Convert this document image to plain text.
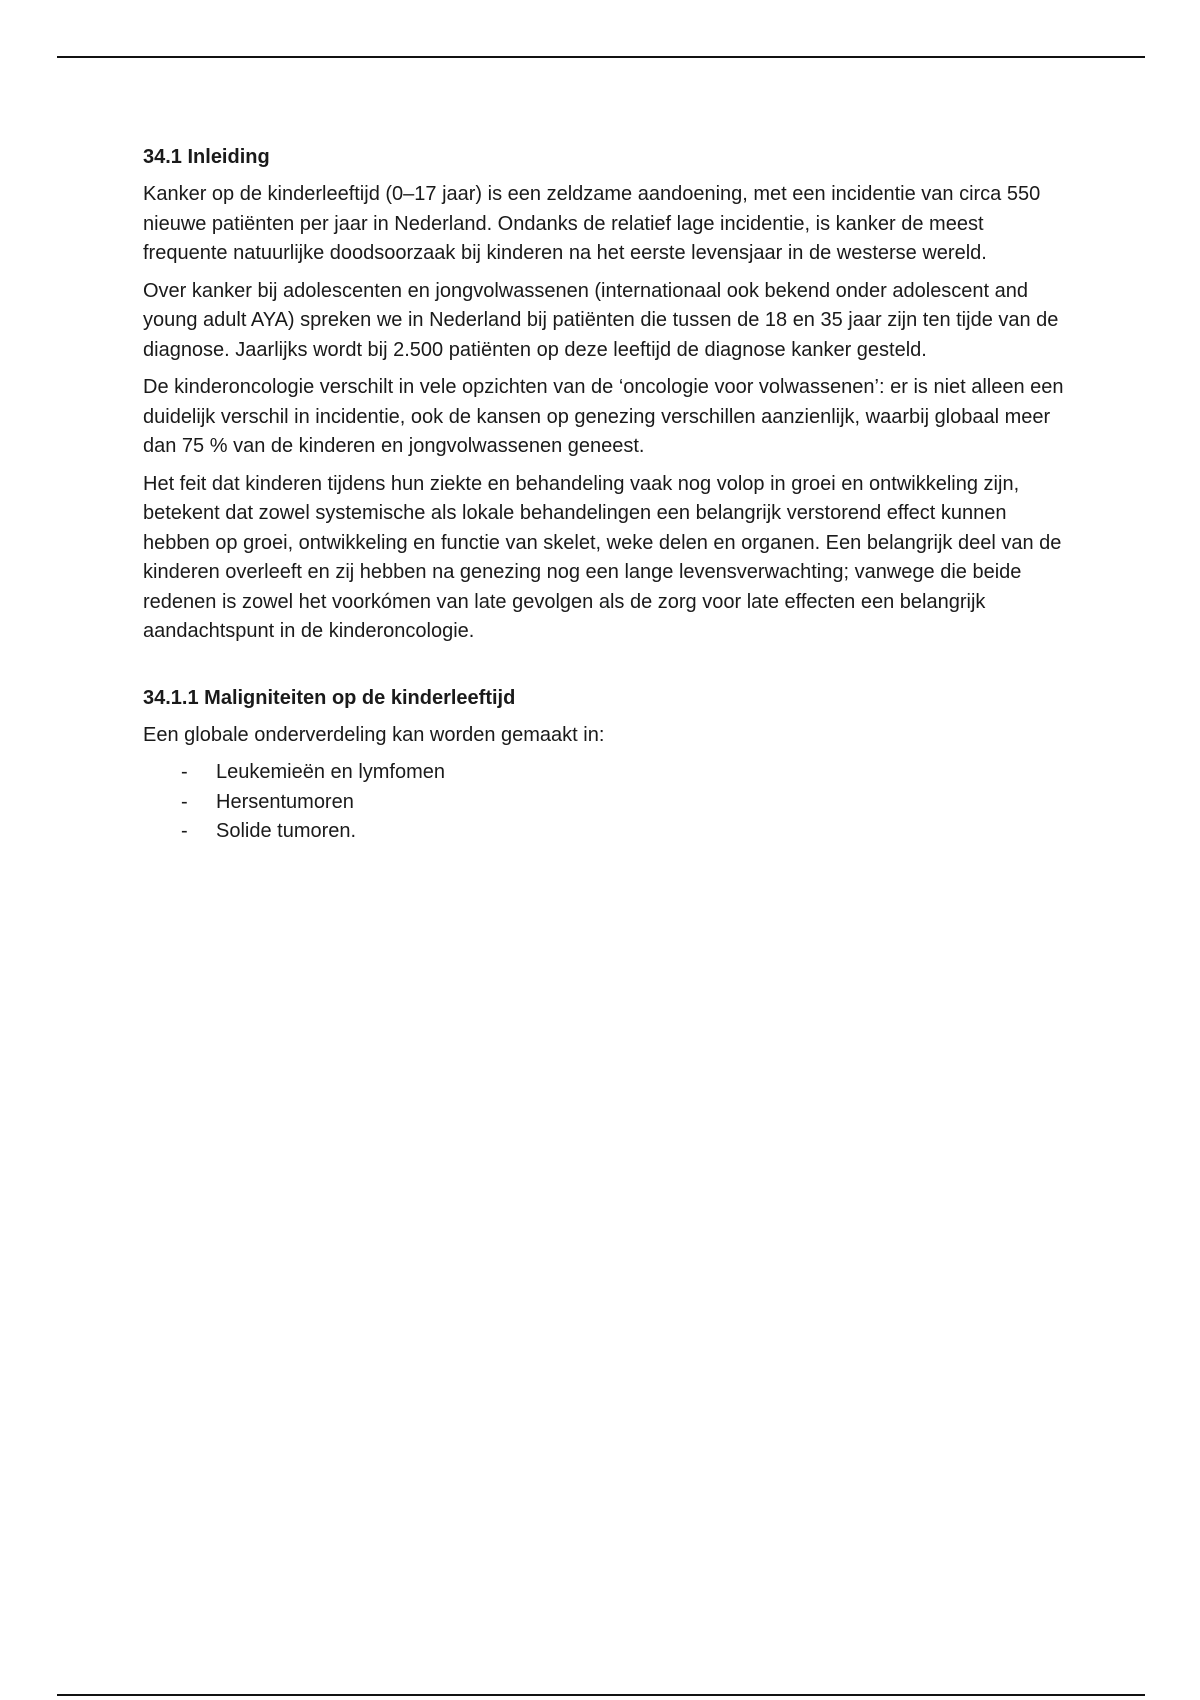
34.1 Inleiding

Kanker op de kinderleeftijd (0–17 jaar) is een zeldzame aandoening, met een incidentie van circa 550 nieuwe patiënten per jaar in Nederland. Ondanks de relatief lage incidentie, is kanker de meest frequente natuurlijke doodsoorzaak bij kinderen na het eerste levensjaar in de westerse wereld.

Over kanker bij adolescenten en jongvolwassenen (internationaal ook bekend onder adolescent and young adult AYA) spreken we in Nederland bij patiënten die tussen de 18 en 35 jaar zijn ten tijde van de diagnose. Jaarlijks wordt bij 2.500 patiënten op deze leeftijd de diagnose kanker gesteld.

De kinderoncologie verschilt in vele opzichten van de ‘oncologie voor volwassenen’: er is niet alleen een duidelijk verschil in incidentie, ook de kansen op genezing verschillen aanzienlijk, waarbij globaal meer dan 75 % van de kinderen en jongvolwassenen geneest.

Het feit dat kinderen tijdens hun ziekte en behandeling vaak nog volop in groei en ontwikkeling zijn, betekent dat zowel systemische als lokale behandelingen een belangrijk verstorend effect kunnen hebben op groei, ontwikkeling en functie van skelet, weke delen en organen. Een belangrijk deel van de kinderen overleeft en zij hebben na genezing nog een lange levensverwachting; vanwege die beide redenen is zowel het voorkómen van late gevolgen als de zorg voor late effecten een belangrijk aandachtspunt in de kinderoncologie.

34.1.1 Maligniteiten op de kinderleeftijd

Een globale onderverdeling kan worden gemaakt in:

- Leukemieën en lymfomen
- Hersentumoren
- Solide tumoren.
